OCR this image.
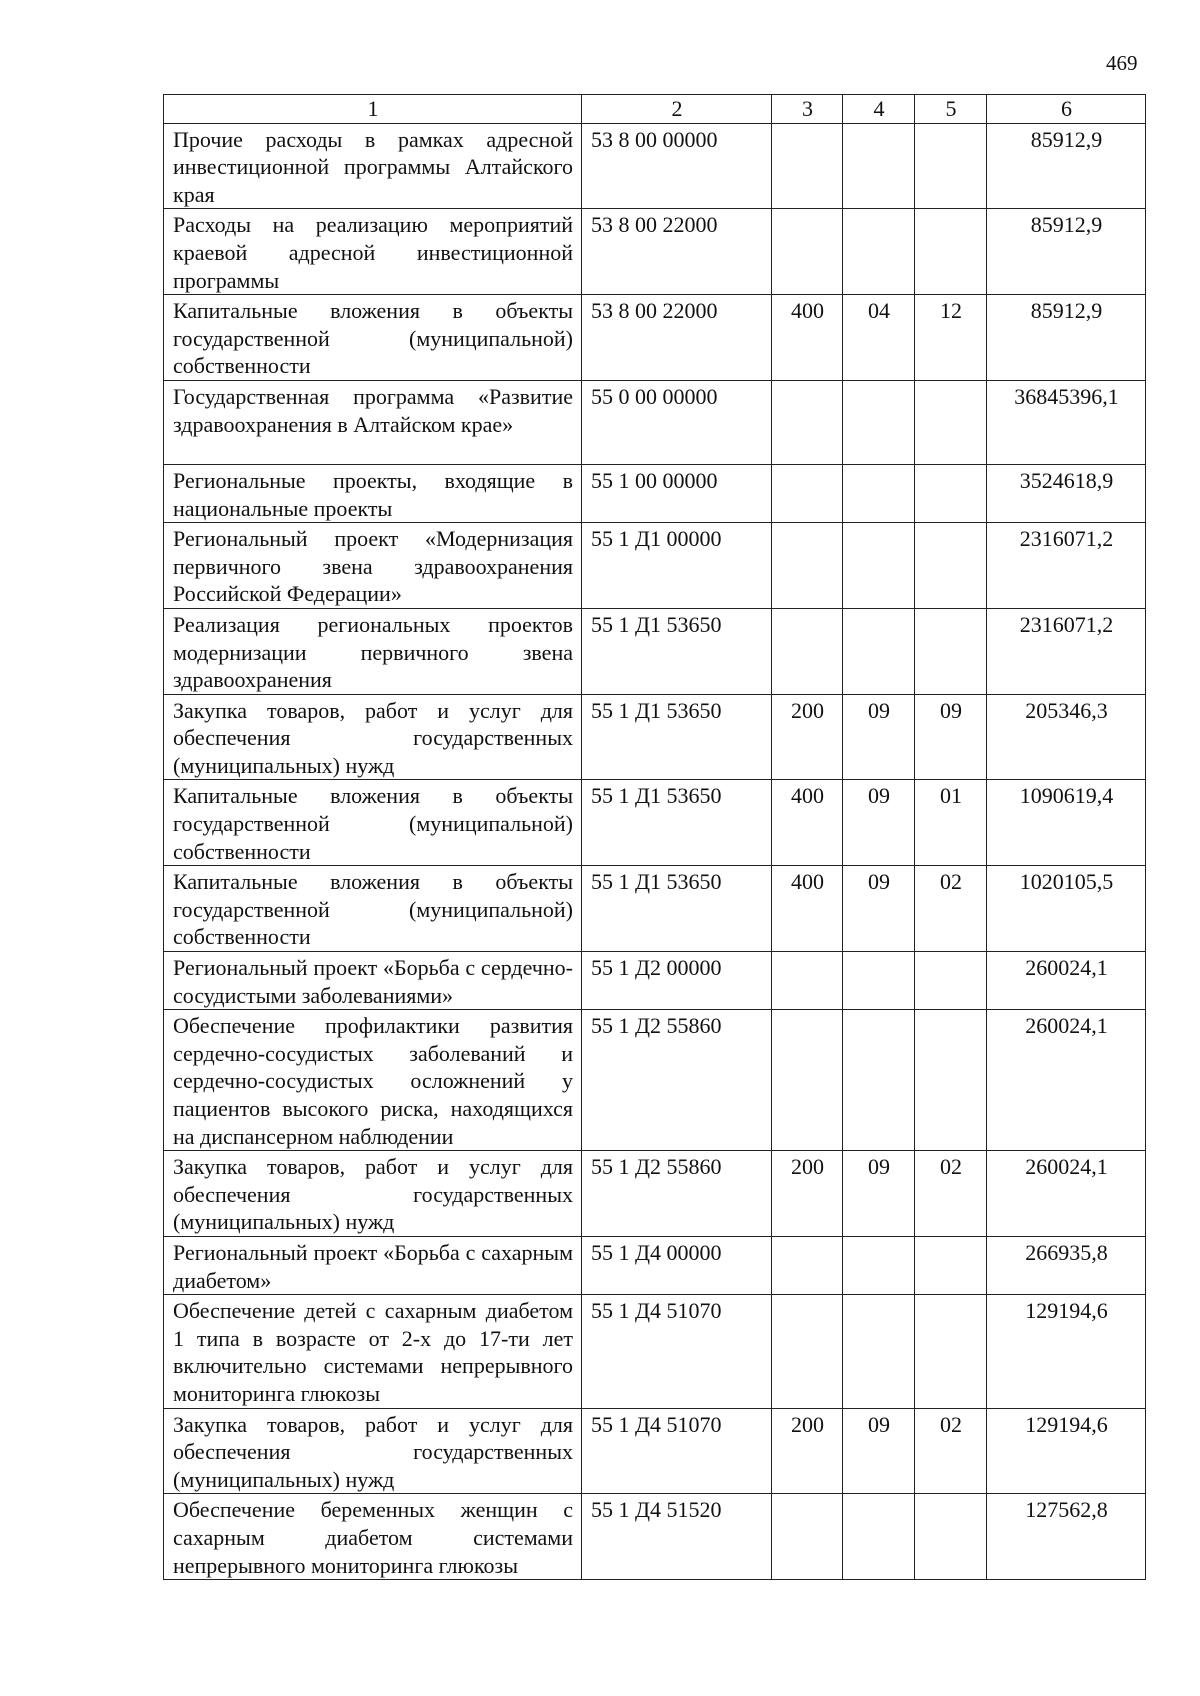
469
1	2	3	4	5	6
Прочие расходы в рамках адресной инвестиционной программы Алтайского края	53 8 00 00000				85912,9
Расходы на реализацию мероприятий краевой адресной инвестиционной программы	53 8 00 22000				85912,9
Капитальные вложения в объекты государственной (муниципальной) собственности	53 8 00 22000	400	04	12	85912,9
Государственная программа «Развитие здравоохранения в Алтайском крае»	55 0 00 00000				36845396,1
Региональные проекты, входящие в национальные проекты	55 1 00 00000				3524618,9
Региональный проект «Модернизация первичного звена здравоохранения Российской Федерации»	55 1 Д1 00000				2316071,2
Реализация региональных проектов модернизации первичного звена здравоохранения	55 1 Д1 53650				2316071,2
Закупка товаров, работ и услуг для обеспечения государственных (муниципальных) нужд	55 1 Д1 53650	200	09	09	205346,3
Капитальные вложения в объекты государственной (муниципальной) собственности	55 1 Д1 53650	400	09	01	1090619,4
Капитальные вложения в объекты государственной (муниципальной) собственности	55 1 Д1 53650	400	09	02	1020105,5
Региональный проект «Борьба с сердечно-сосудистыми заболеваниями»	55 1 Д2 00000				260024,1
Обеспечение профилактики развития сердечно-сосудистых заболеваний и сердечно-сосудистых осложнений у пациентов высокого риска, находящихся на диспансерном наблюдении	55 1 Д2 55860				260024,1
Закупка товаров, работ и услуг для обеспечения государственных (муниципальных) нужд	55 1 Д2 55860	200	09	02	260024,1
Региональный проект «Борьба с сахарным диабетом»	55 1 Д4 00000				266935,8
Обеспечение детей с сахарным диабетом 1 типа в возрасте от 2-х до 17-ти лет включительно системами непрерывного мониторинга глюкозы	55 1 Д4 51070				129194,6
Закупка товаров, работ и услуг для обеспечения государственных (муниципальных) нужд	55 1 Д4 51070	200	09	02	129194,6
Обеспечение беременных женщин с сахарным диабетом системами непрерывного мониторинга глюкозы	55 1 Д4 51520				127562,8
